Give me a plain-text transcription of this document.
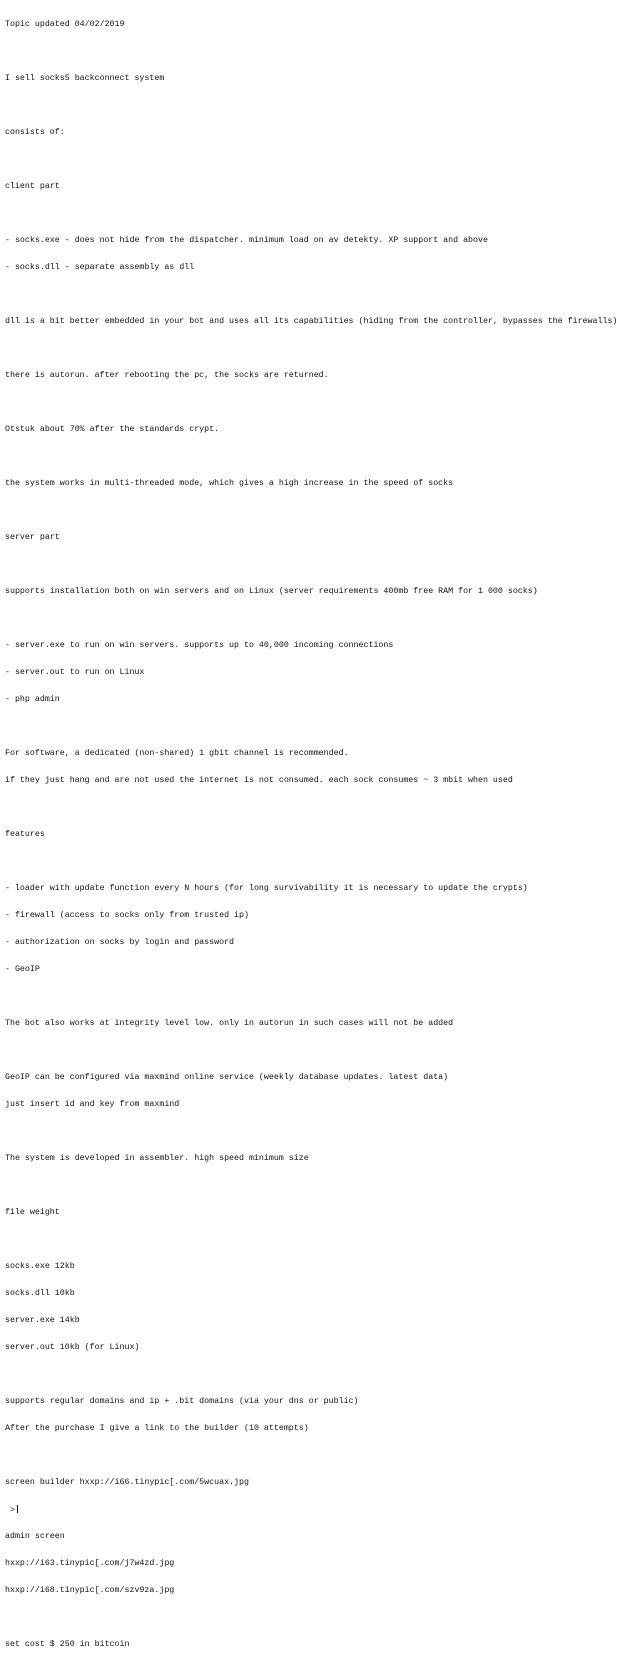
Topic updated 04/02/2019

I sell socks5 backconnect system

consists of:

client part

- socks.exe - does not hide from the dispatcher. minimum load on av detekty. XP support and above

- socks.dll - separate assembly as dll

dll is a bit better embedded in your bot and uses all its capabilities (hiding from the controller, bypasses the firewalls)

there is autorun. after rebooting the pc, the socks are returned.

Otstuk about 70% after the standards crypt.

the system works in multi-threaded mode, which gives a high increase in the speed of socks

server part

supports installation both on win servers and on Linux (server requirements 400mb free RAM for 1 000 socks)

- server.exe to run on win servers. supports up to 40,000 incoming connections

- server.out to run on Linux

- php admin

For software, a dedicated (non-shared) 1 gbit channel is recommended.

if they just hang and are not used the internet is not consumed. each sock consumes ~ 3 mbit when used

features

- loader with update function every N hours (for long survivability it is necessary to update the crypts)

- firewall (access to socks only from trusted ip)

- authorization on socks by login and password

- GeoIP

The bot also works at integrity level low. only in autorun in such cases will not be added

GeoIP can be configured via maxmind online service (weekly database updates. latest data)

just insert id and key from maxmind

The system is developed in assembler. high speed minimum size

file weight

socks.exe 12kb

socks.dll 10kb

server.exe 14kb

server.out 10kb (for Linux)

supports regular domains and ip + .bit domains (via your dns or public)

After the purchase I give a link to the builder (10 attempts)

screen builder hxxp://i66.tinypic[.com/5wcuax.jpg

>

admin screen

hxxp://i63.tinypic[.com/j7w4zd.jpg

hxxp://i68.tinypic[.com/szv9za.jpg

set cost $ 250 in bitcoin
